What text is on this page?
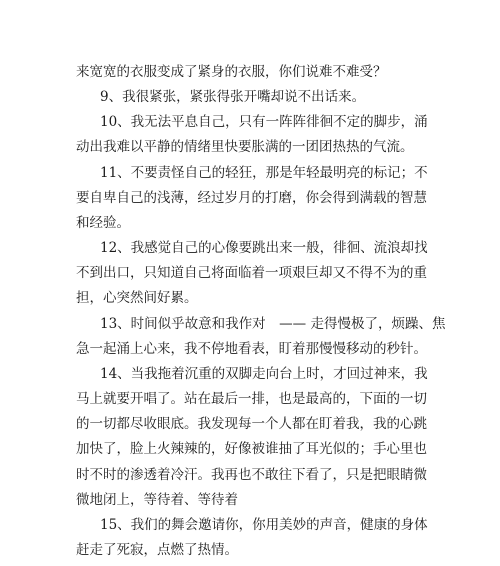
来宽宽的衣服变成了紧身的衣服，你们说难不难受？
9、我很紧张，紧张得张开嘴却说不出话来。
10、我无法平息自己，只有一阵阵徘徊不定的脚步，涌
动出我难以平静的情绪里快要胀满的一团团热热的气流。
11、不要责怪自己的轻狂，那是年轻最明亮的标记；不
要自卑自己的浅薄，经过岁月的打磨，你会得到满载的智慧
和经验。
12、我感觉自己的心像要跳出来一般，徘徊、流浪却找
不到出口，只知道自己将面临着一项艰巨却又不得不为的重
担，心突然间好累。
13、时间似乎故意和我作对　—— 走得慢极了，烦躁、焦
急一起涌上心来，我不停地看表，盯着那慢慢移动的秒针。
14、当我拖着沉重的双脚走向台上时，才回过神来，我
马上就要开唱了。站在最后一排，也是最高的，下面的一切
的一切都尽收眼底。我发现每一个人都在盯着我，我的心跳
加快了，脸上火辣辣的，好像被谁抽了耳光似的；手心里也
时不时的渗透着冷汗。我再也不敢往下看了，只是把眼睛微
微地闭上，等待着、等待着
15、我们的舞会邀请你，你用美妙的声音，健康的身体
赶走了死寂，点燃了热情。
